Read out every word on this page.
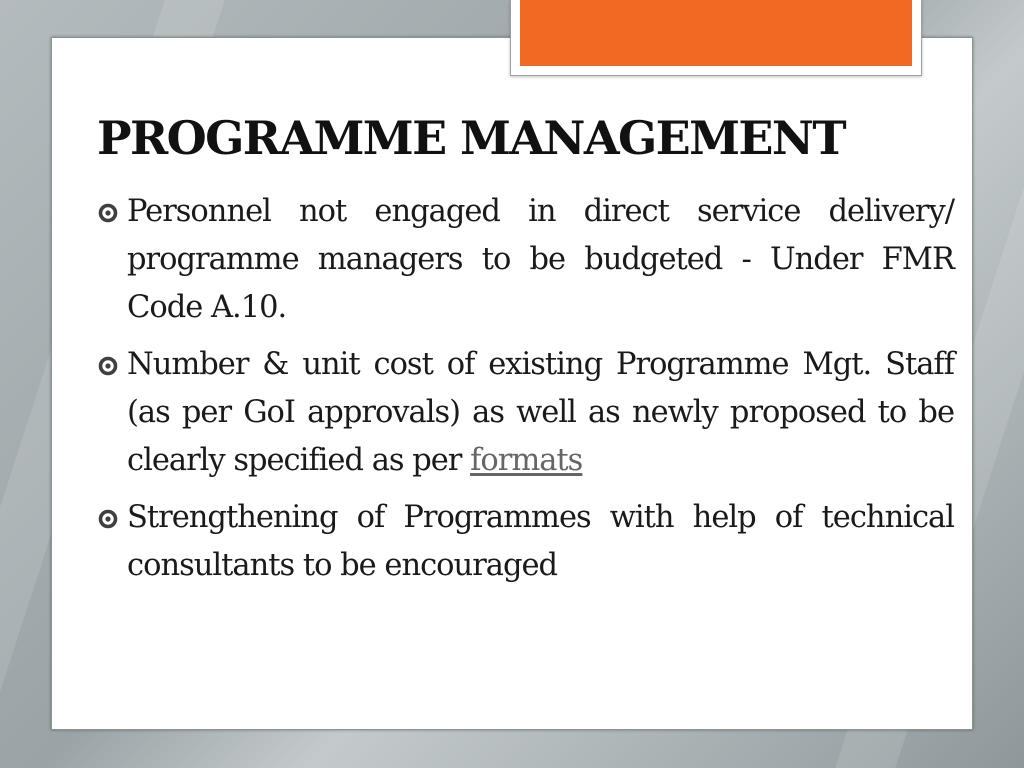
PROGRAMME MANAGEMENT
Personnel not engaged in direct service delivery/ programme managers to be budgeted - Under FMR Code A.10.
Number & unit cost of existing Programme Mgt. Staff (as per GoI approvals) as well as newly proposed to be clearly specified as per formats
Strengthening of Programmes with help of technical consultants to be encouraged
